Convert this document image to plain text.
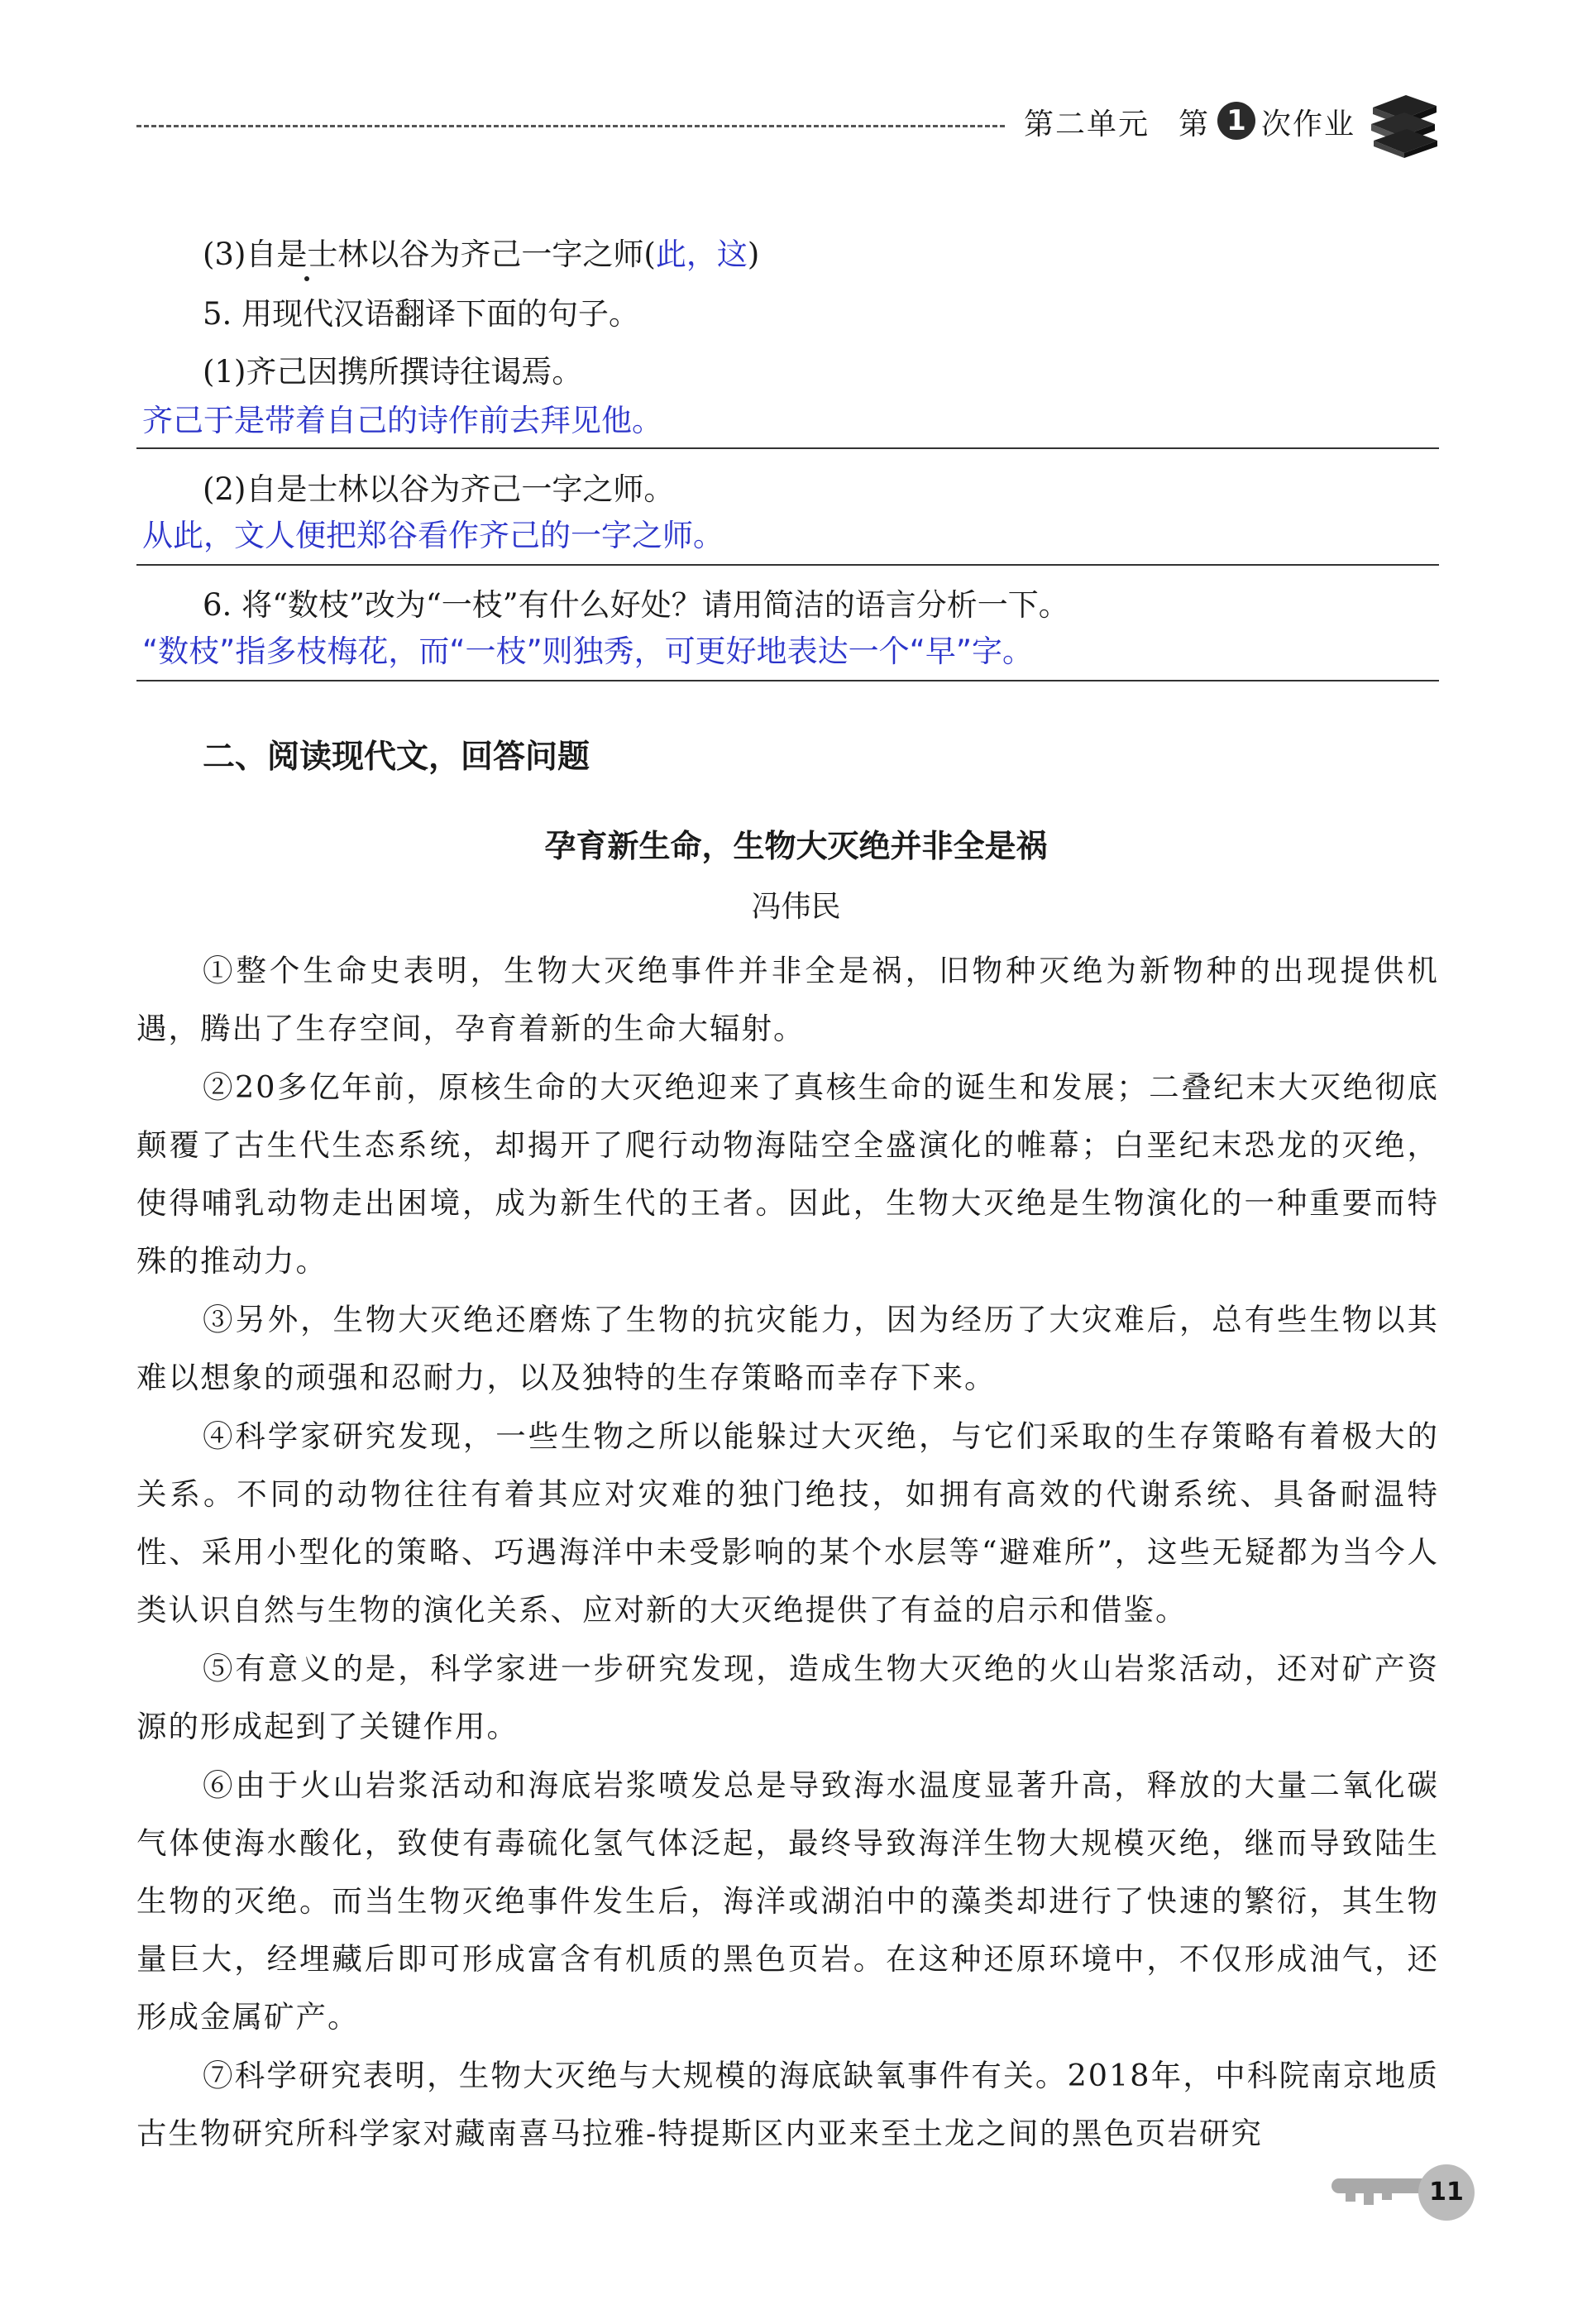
第二单元 第 1 次作业
(3)自是士林以谷为齐己一字之师(此，这)
5. 用现代汉语翻译下面的句子。
(1)齐己因携所撰诗往谒焉。
齐己于是带着自己的诗作前去拜见他。
(2)自是士林以谷为齐己一字之师。
从此，文人便把郑谷看作齐己的一字之师。
6. 将“数枝”改为“一枝”有什么好处？请用简洁的语言分析一下。
“数枝”指多枝梅花，而“一枝”则独秀，可更好地表达一个“早”字。
二、阅读现代文，回答问题
孕育新生命，生物大灭绝并非全是祸
冯伟民

①整个生命史表明，生物大灭绝事件并非全是祸，旧物种灭绝为新物种的出现提供机遇，腾出了生存空间，孕育着新的生命大辐射。

②20多亿年前，原核生命的大灭绝迎来了真核生命的诞生和发展；二叠纪末大灭绝彻底颠覆了古生代生态系统，却揭开了爬行动物海陆空全盛演化的帷幕；白垩纪末恐龙的灭绝，使得哺乳动物走出困境，成为新生代的王者。因此，生物大灭绝是生物演化的一种重要而特殊的推动力。

③另外，生物大灭绝还磨炼了生物的抗灾能力，因为经历了大灾难后，总有些生物以其难以想象的顽强和忍耐力，以及独特的生存策略而幸存下来。

④科学家研究发现，一些生物之所以能躲过大灭绝，与它们采取的生存策略有着极大的关系。不同的动物往往有着其应对灾难的独门绝技，如拥有高效的代谢系统、具备耐温特性、采用小型化的策略、巧遇海洋中未受影响的某个水层等“避难所”，这些无疑都为当今人类认识自然与生物的演化关系、应对新的大灭绝提供了有益的启示和借鉴。

⑤有意义的是，科学家进一步研究发现，造成生物大灭绝的火山岩浆活动，还对矿产资源的形成起到了关键作用。

⑥由于火山岩浆活动和海底岩浆喷发总是导致海水温度显著升高，释放的大量二氧化碳气体使海水酸化，致使有毒硫化氢气体泛起，最终导致海洋生物大规模灭绝，继而导致陆生生物的灭绝。而当生物灭绝事件发生后，海洋或湖泊中的藻类却进行了快速的繁衍，其生物量巨大，经埋藏后即可形成富含有机质的黑色页岩。在这种还原环境中，不仅形成油气，还形成金属矿产。

⑦科学研究表明，生物大灭绝与大规模的海底缺氧事件有关。2018年，中科院南京地质古生物研究所科学家对藏南喜马拉雅-特提斯区内亚来至土龙之间的黑色页岩研究

11
